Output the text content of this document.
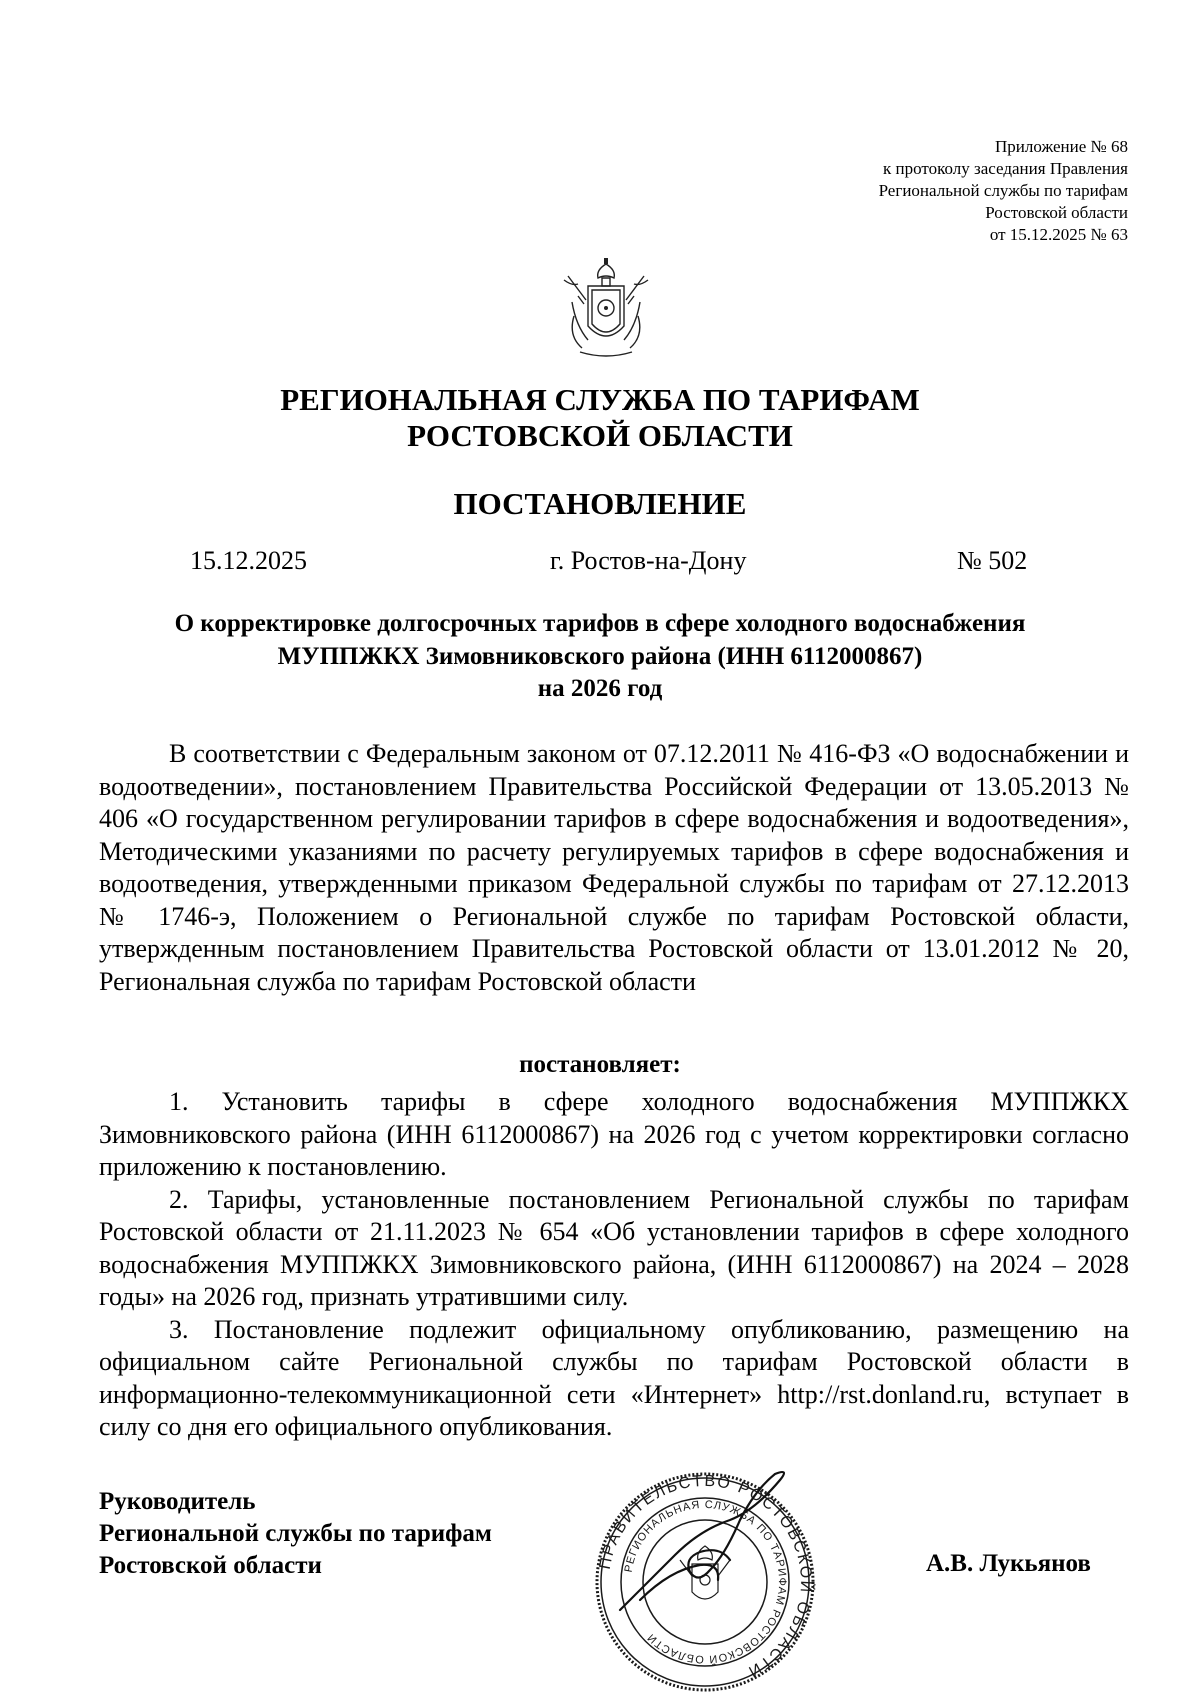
Приложение № 68
к протоколу заседания Правления
Региональной службы по тарифам
Ростовской области
от 15.12.2025 № 63
РЕГИОНАЛЬНАЯ СЛУЖБА ПО ТАРИФАМ
РОСТОВСКОЙ ОБЛАСТИ
ПОСТАНОВЛЕНИЕ
15.12.2025	г. Ростов-на-Дону	№ 502
О корректировке долгосрочных тарифов в сфере холодного водоснабжения
МУППЖКХ Зимовниковского района (ИНН 6112000867)
на 2026 год

В соответствии с Федеральным законом от 07.12.2011 № 416-ФЗ «О водоснабжении и водоотведении», постановлением Правительства Российской Федерации от 13.05.2013 № 406 «О государственном регулировании тарифов в сфере водоснабжения и водоотведения», Методическими указаниями по расчету регулируемых тарифов в сфере водоснабжения и водоотведения, утвержденными приказом Федеральной службы по тарифам от 27.12.2013 № 1746-э, Положением о Региональной службе по тарифам Ростовской области, утвержденным постановлением Правительства Ростовской области от 13.01.2012 № 20, Региональная служба по тарифам Ростовской области

постановляет:

1. Установить тарифы в сфере холодного водоснабжения МУППЖКХ Зимовниковского района (ИНН 6112000867) на 2026 год с учетом корректировки согласно приложению к постановлению.

2. Тарифы, установленные постановлением Региональной службы по тарифам Ростовской области от 21.11.2023 № 654 «Об установлении тарифов в сфере холодного водоснабжения МУППЖКХ Зимовниковского района, (ИНН 6112000867) на 2024 – 2028 годы» на 2026 год, признать утратившими силу.

3. Постановление подлежит официальному опубликованию, размещению на официальном сайте Региональной службы по тарифам Ростовской области в информационно-телекоммуникационной сети «Интернет» http://rst.donland.ru, вступает в силу со дня его официального опубликования.

Руководитель
Региональной службы по тарифам
Ростовской области	А.В. Лукьянов
ПРАВИТЕЛЬСТВО РОСТОВСКОЙ ОБЛАСТИ
РЕГИОНАЛЬНАЯ СЛУЖБА ПО ТАРИФАМ РОСТОВСКОЙ ОБЛАСТИ
